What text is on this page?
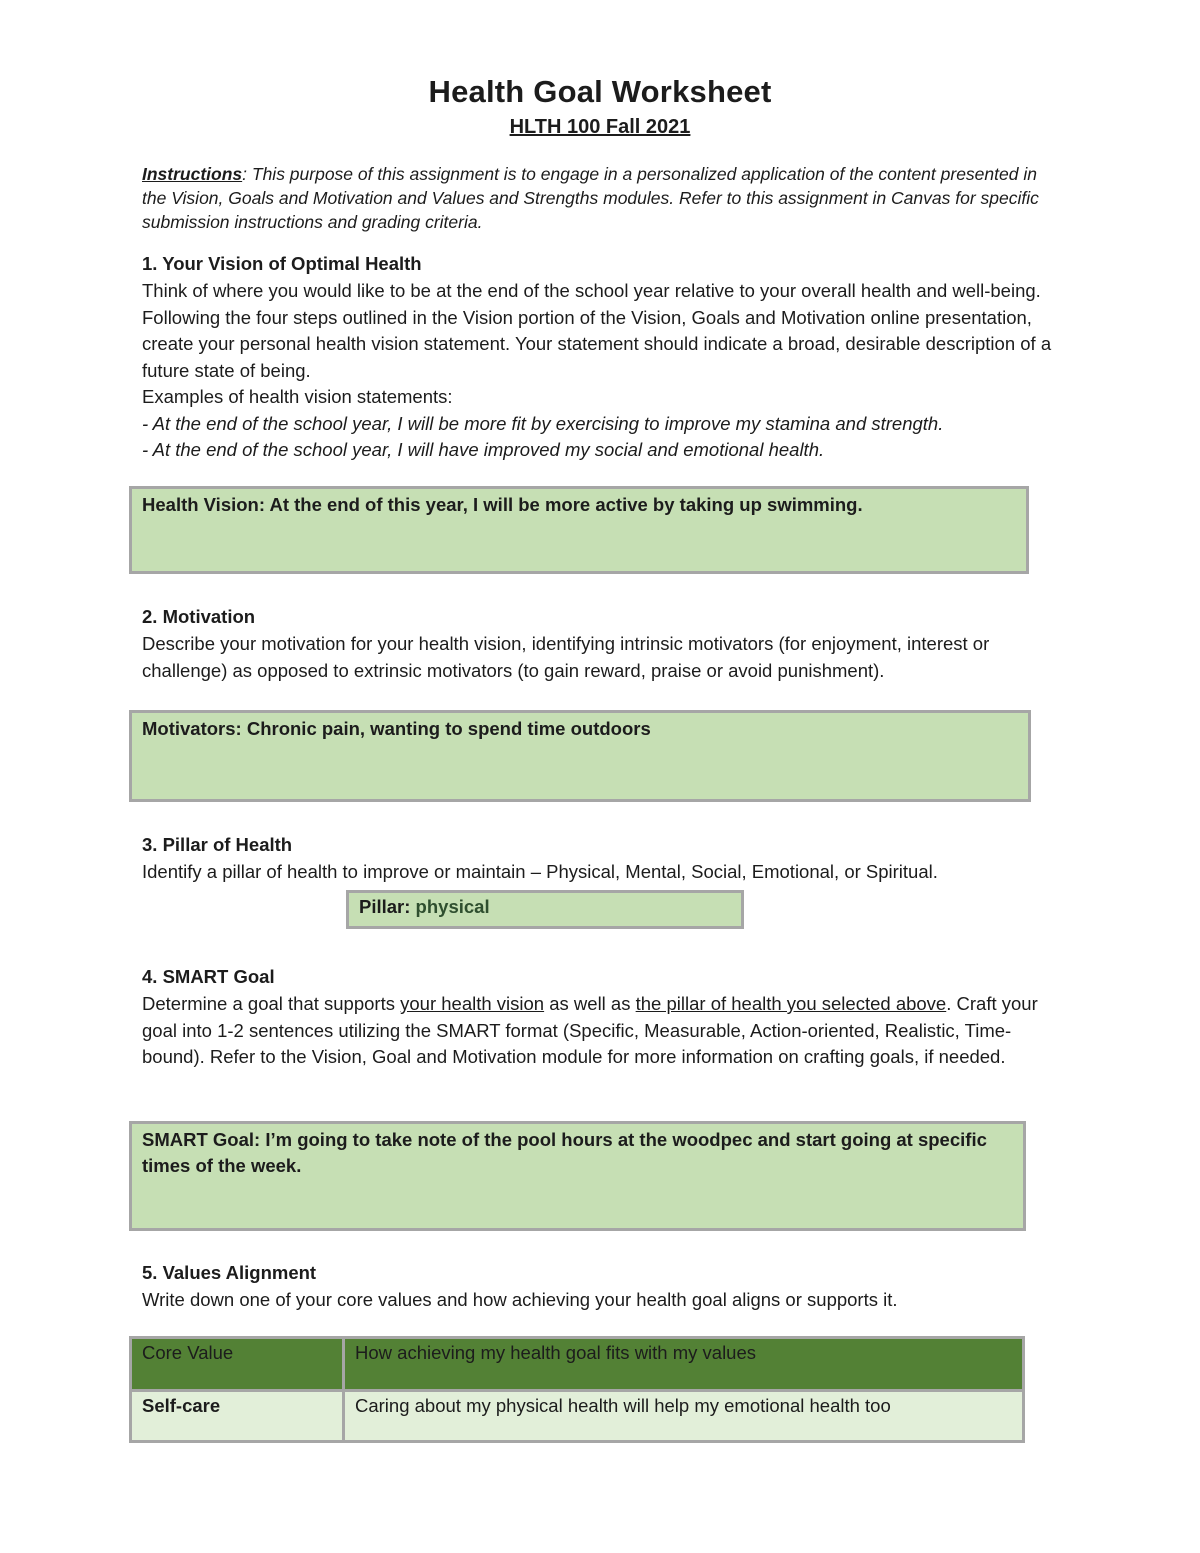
Health Goal Worksheet
HLTH 100 Fall 2021
Instructions: This purpose of this assignment is to engage in a personalized application of the content presented in the Vision, Goals and Motivation and Values and Strengths modules. Refer to this assignment in Canvas for specific submission instructions and grading criteria.
1. Your Vision of Optimal Health
Think of where you would like to be at the end of the school year relative to your overall health and well-being. Following the four steps outlined in the Vision portion of the Vision, Goals and Motivation online presentation, create your personal health vision statement. Your statement should indicate a broad, desirable description of a future state of being.
Examples of health vision statements:
- At the end of the school year, I will be more fit by exercising to improve my stamina and strength.
- At the end of the school year, I will have improved my social and emotional health.
Health Vision: At the end of this year, I will be more active by taking up swimming.
2. Motivation
Describe your motivation for your health vision, identifying intrinsic motivators (for enjoyment, interest or challenge) as opposed to extrinsic motivators (to gain reward, praise or avoid punishment).
Motivators: Chronic pain, wanting to spend time outdoors
3. Pillar of Health
Identify a pillar of health to improve or maintain – Physical, Mental, Social, Emotional, or Spiritual.
Pillar: physical
4. SMART Goal
Determine a goal that supports your health vision as well as the pillar of health you selected above. Craft your goal into 1-2 sentences utilizing the SMART format (Specific, Measurable, Action-oriented, Realistic, Time-bound). Refer to the Vision, Goal and Motivation module for more information on crafting goals, if needed.
SMART Goal: I’m going to take note of the pool hours at the woodpec and start going at specific times of the week.
5. Values Alignment
Write down one of your core values and how achieving your health goal aligns or supports it.
Core Value	How achieving my health goal fits with my values
Self-care	Caring about my physical health will help my emotional health too
